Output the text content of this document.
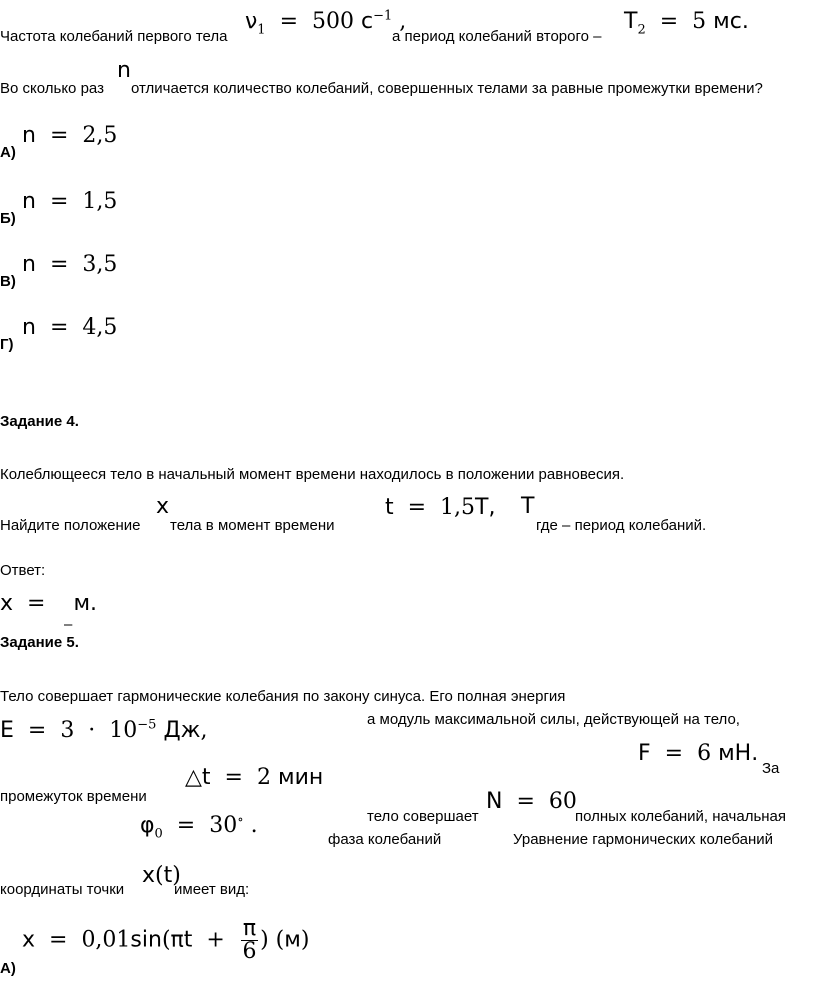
Частота колебаний первого тела
$\nu_1 = 500$ $с^{-1}$ ,
а период колебаний второго –
$T_2 = 5$ мс.
Во сколько раз
n
отличается количество колебаний, совершенных телами за равные промежутки времени?
А)
n  =  2,5
Б)
n  =  1,5
В)
n  =  3,5
Г)
n  =  4,5
Задание 4.
Колеблющееся тело в начальный момент времени находилось в положении равновесия.
Найдите положение
x
тела в момент времени
t  =  1,5T, T
где – период колебаний.
Ответ:
x  =    м.
–
Задание 5.
Тело совершает гармонические колебания по закону синуса. Его полная энергия
$E = 3 \cdot 10^{-5}$ Дж,	а модуль максимальной силы, действующей на тело,
F  =  6 мН.
За
△t  =  2 мин
промежуток времени	N  =  60
тело совершает	полных колебаний, начальная
$\varphi_0 = 30^\circ$ .
фаза колебаний	Уравнение гармонических колебаний
x(t)
координаты точки	имеет вид:
$x = 0,01\sin(\pi t + \frac{\pi}{6}$ ) (м)
А)
